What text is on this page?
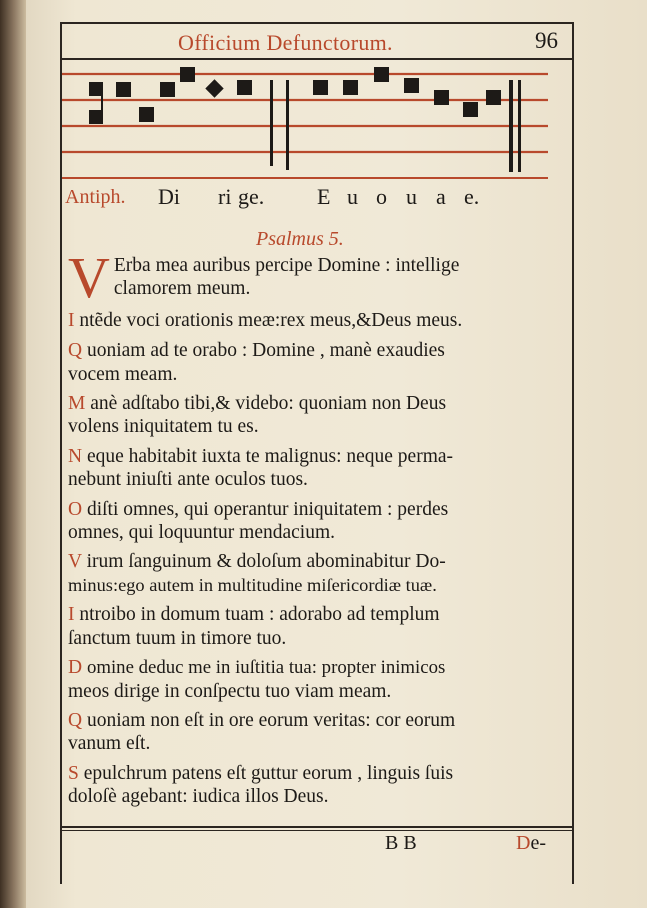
Officium Defunctorum.	96
Antiph. Di ri ge. E u o u a e.
Psalmus 5.

V Erba mea auribus percipe Domine : intellige
clamorem meum.

I ntẽde voci orationis meæ:rex meus,&Deus meus.

Q uoniam ad te orabo : Domine , manè exaudies
vocem meam.

M anè adſtabo tibi,& videbo: quoniam non Deus
volens iniquitatem tu es.

N eque habitabit iuxta te malignus: neque perma-
nebunt iniuſti ante oculos tuos.

O diſti omnes, qui operantur iniquitatem : perdes
omnes, qui loquuntur mendacium.

V irum ſanguinum & doloſum abominabitur Do-
minus:ego autem in multitudine miſericordiæ tuæ.

I ntroibo in domum tuam : adorabo ad templum
ſanctum tuum in timore tuo.

D omine deduc me in iuſtitia tua: propter inimicos
meos dirige in conſpectu tuo viam meam.

Q uoniam non eſt in ore eorum veritas: cor eorum
vanum eſt.

S epulchrum patens eſt guttur eorum , linguis ſuis
doloſè agebant: iudica illos Deus.

B B	De-
